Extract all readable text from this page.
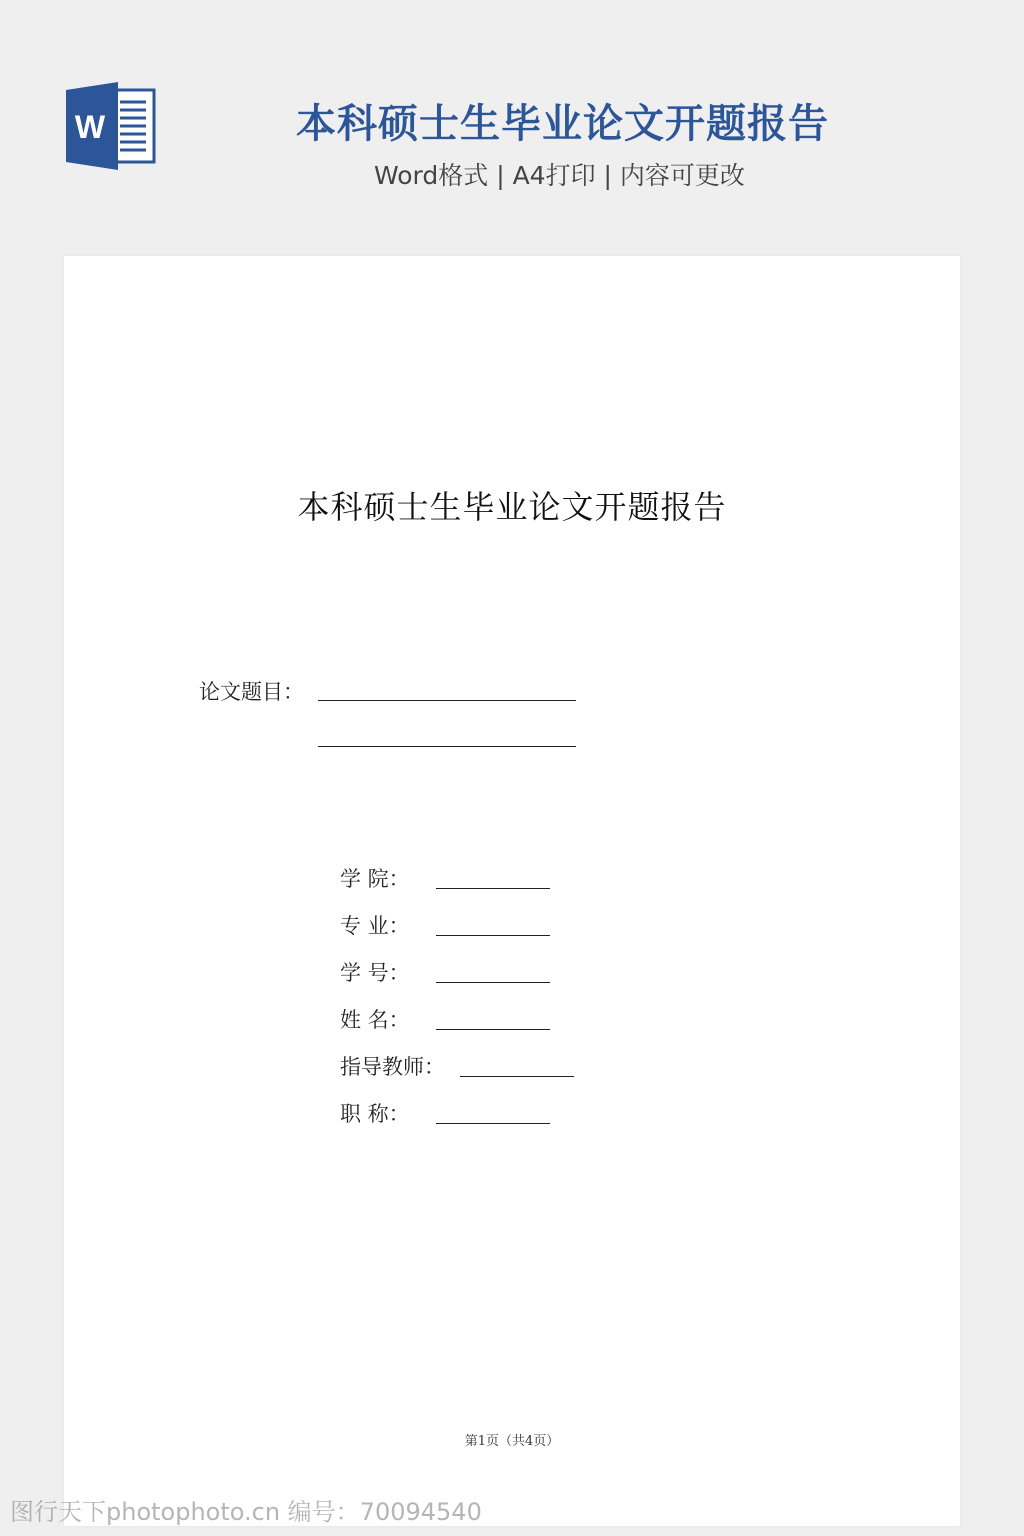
W	本科硕士生毕业论文开题报告
Word格式 | A4打印 | 内容可更改
本科硕士生毕业论文开题报告
论文题目：
学 院：
专 业：
学 号：
姓 名：
指导教师：
职 称：
第1页（共4页）
图行天下photophoto.cn 编号：70094540
